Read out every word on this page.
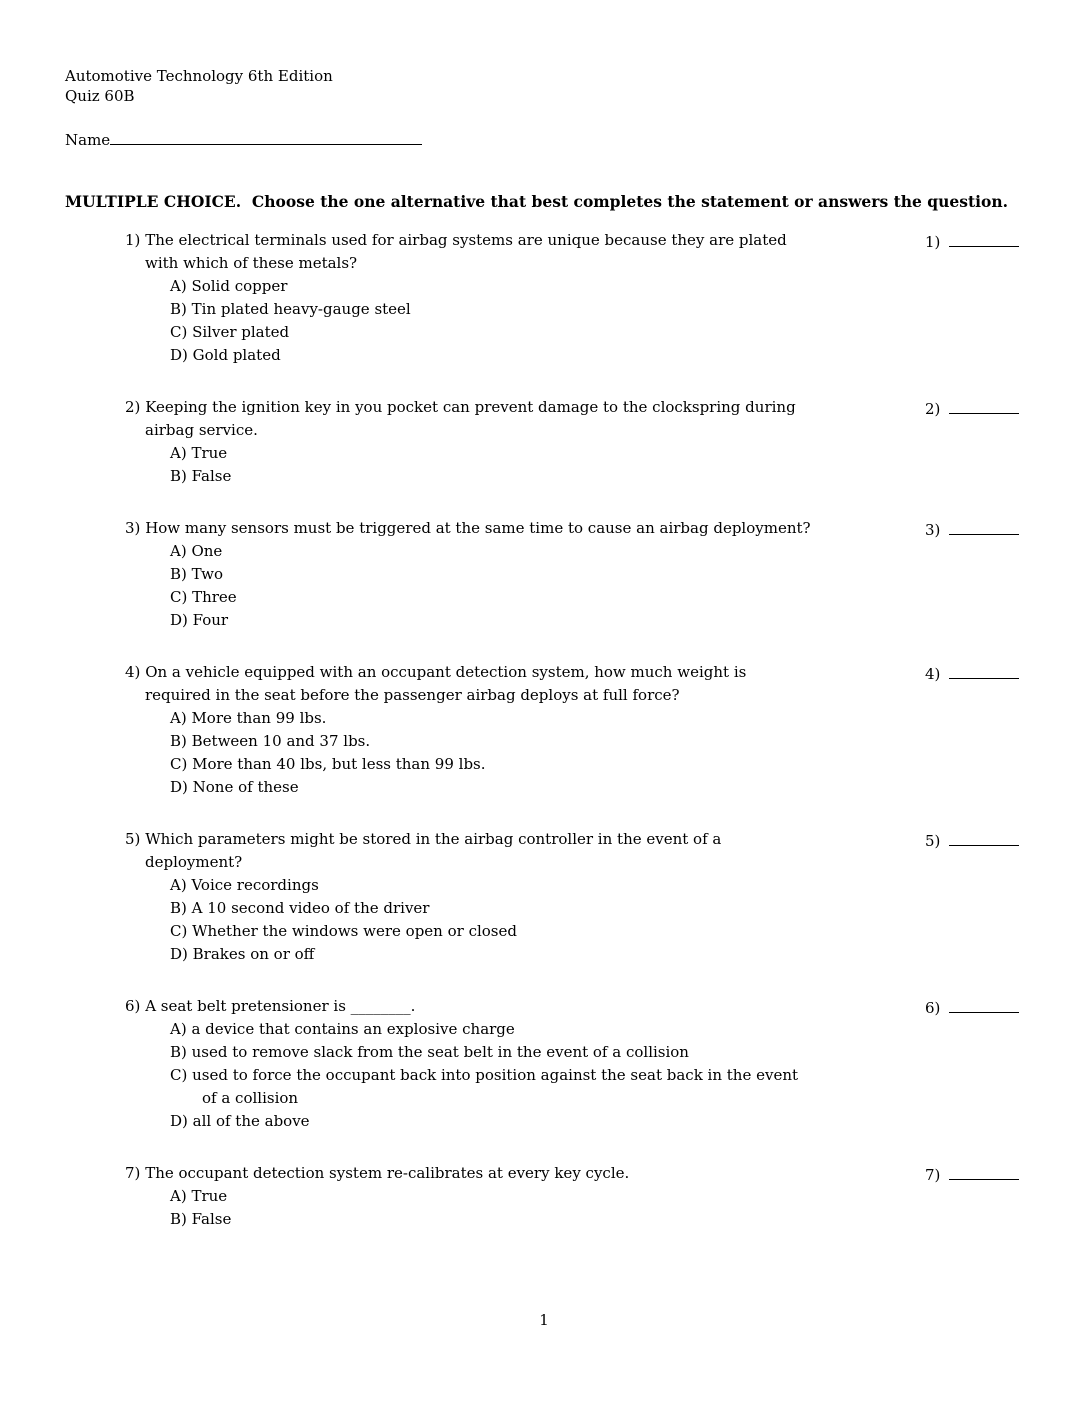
Automotive Technology 6th Edition
Quiz 60B
Name
MULTIPLE CHOICE.  Choose the one alternative that best completes the statement or answers the question.

1) The electrical terminals used for airbag systems are unique because they are plated with which of these metals?

A) Solid copper

B) Tin plated heavy-gauge steel

C) Silver plated

D) Gold plated

1)

2) Keeping the ignition key in you pocket can prevent damage to the clockspring during airbag service.

A) True

B) False

2)

3) How many sensors must be triggered at the same time to cause an airbag deployment?

A) One

B) Two

C) Three

D) Four

3)

4) On a vehicle equipped with an occupant detection system, how much weight is required in the seat before the passenger airbag deploys at full force?

A) More than 99 lbs.

B) Between 10 and 37 lbs.

C) More than 40 lbs, but less than 99 lbs.

D) None of these

4)

5) Which parameters might be stored in the airbag controller in the event of a deployment?

A) Voice recordings

B) A 10 second video of the driver

C) Whether the windows were open or closed

D) Brakes on or off

5)

6) A seat belt pretensioner is ________.

A) a device that contains an explosive charge

B) used to remove slack from the seat belt in the event of a collision

C) used to force the occupant back into position against the seat back in the event of a collision

D) all of the above

6)

7) The occupant detection system re-calibrates at every key cycle.

A) True

B) False

7)
1
